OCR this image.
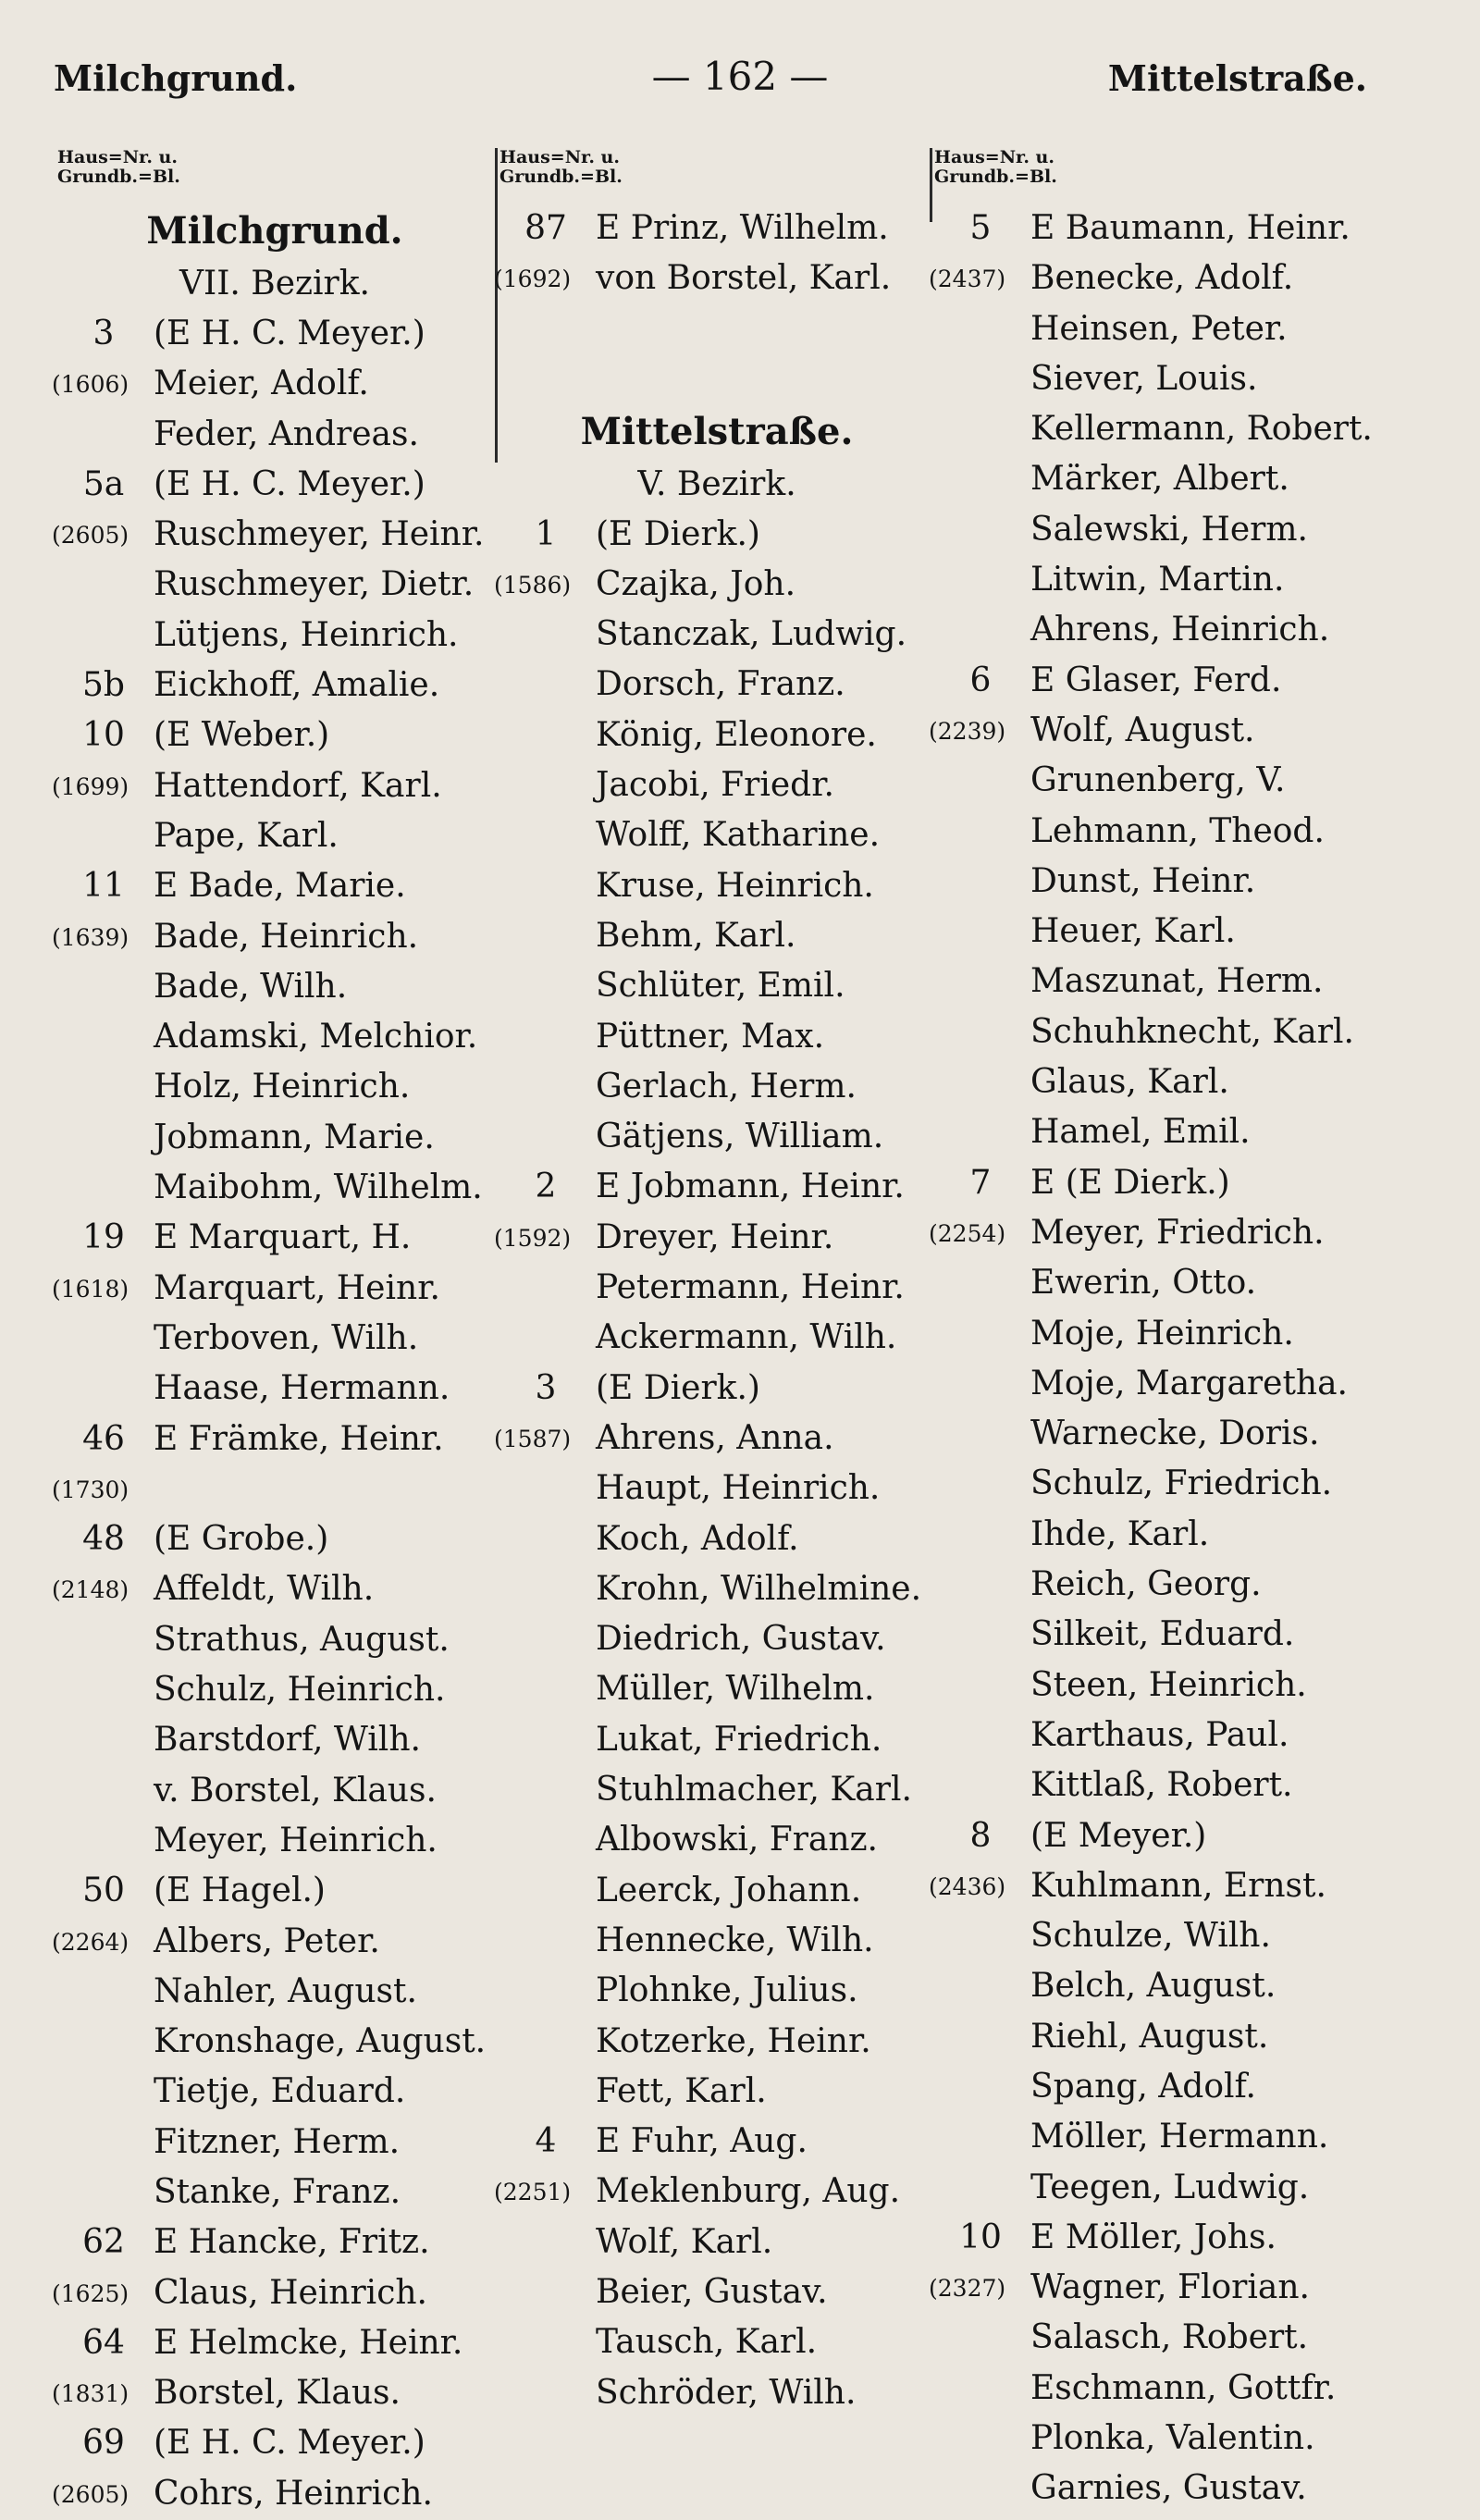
Milchgrund.	— 162 —	Mittelstraße.
Haus=Nr. u.
Grundb.=Bl.
Milchgrund.
VII. Bezirk.
3	(E H. C. Meyer.)
(1606) Meier, Adolf.
Feder, Andreas.
5a (E H. C. Meyer.)
(2605) Ruschmeyer, Heinr.
Ruschmeyer, Dietr.
Lütjens, Heinrich.
5b Eickhoff, Amalie.
10 (E Weber.)
(1699) Hattendorf, Karl.
Pape, Karl.
11 E Bade, Marie.
(1639) Bade, Heinrich.
Bade, Wilh.
Adamski, Melchior.
Holz, Heinrich.
Jobmann, Marie.
Maibohm, Wilhelm.
19 E Marquart, H.
(1618) Marquart, Heinr.
Terboven, Wilh.
Haase, Hermann.
46 E Främke, Heinr.
(1730)
48 (E Grobe.)
(2148) Affeldt, Wilh.
Strathus, August.
Schulz, Heinrich.
Barstdorf, Wilh.
v. Borstel, Klaus.
Meyer, Heinrich.
50 (E Hagel.)
(2264) Albers, Peter.
Nahler, August.
Kronshage, August.
Tietje, Eduard.
Fitzner, Herm.
Stanke, Franz.
62 E Hancke, Fritz.
(1625) Claus, Heinrich.
64 E Helmcke, Heinr.
(1831) Borstel, Klaus.
69 (E H. C. Meyer.)
(2605) Cohrs, Heinrich.
Haus=Nr. u.
Grundb.=Bl.
87 E Prinz, Wilhelm.
(1692) von Borstel, Karl.
Mittelstraße.
V. Bezirk.
1	(E Dierk.)
(1586) Czajka, Joh.
Stanczak, Ludwig.
Dorsch, Franz.
König, Eleonore.
Jacobi, Friedr.
Wolff, Katharine.
Kruse, Heinrich.
Behm, Karl.
Schlüter, Emil.
Püttner, Max.
Gerlach, Herm.
Gätjens, William.
2	E Jobmann, Heinr.
(1592) Dreyer, Heinr.
Petermann, Heinr.
Ackermann, Wilh.
3	(E Dierk.)
(1587) Ahrens, Anna.
Haupt, Heinrich.
Koch, Adolf.
Krohn, Wilhelmine.
Diedrich, Gustav.
Müller, Wilhelm.
Lukat, Friedrich.
Stuhlmacher, Karl.
Albowski, Franz.
Leerck, Johann.
Hennecke, Wilh.
Plohnke, Julius.
Kotzerke, Heinr.
Fett, Karl.
4	E Fuhr, Aug.
(2251) Meklenburg, Aug.
Wolf, Karl.
Beier, Gustav.
Tausch, Karl.
Schröder, Wilh.
Haus=Nr. u.
Grundb.=Bl.
5	E Baumann, Heinr.
(2437) Benecke, Adolf.
Heinsen, Peter.
Siever, Louis.
Kellermann, Robert.
Märker, Albert.
Salewski, Herm.
Litwin, Martin.
Ahrens, Heinrich.
6	E Glaser, Ferd.
(2239) Wolf, August.
Grunenberg, V.
Lehmann, Theod.
Dunst, Heinr.
Heuer, Karl.
Maszunat, Herm.
Schuhknecht, Karl.
Glaus, Karl.
Hamel, Emil.
7	E (E Dierk.)
(2254) Meyer, Friedrich.
Ewerin, Otto.
Moje, Heinrich.
Moje, Margaretha.
Warnecke, Doris.
Schulz, Friedrich.
Ihde, Karl.
Reich, Georg.
Silkeit, Eduard.
Steen, Heinrich.
Karthaus, Paul.
Kittlaß, Robert.
8	(E Meyer.)
(2436) Kuhlmann, Ernst.
Schulze, Wilh.
Belch, August.
Riehl, August.
Spang, Adolf.
Möller, Hermann.
Teegen, Ludwig.
10 E Möller, Johs.
(2327) Wagner, Florian.
Salasch, Robert.
Eschmann, Gottfr.
Plonka, Valentin.
Garnies, Gustav.
